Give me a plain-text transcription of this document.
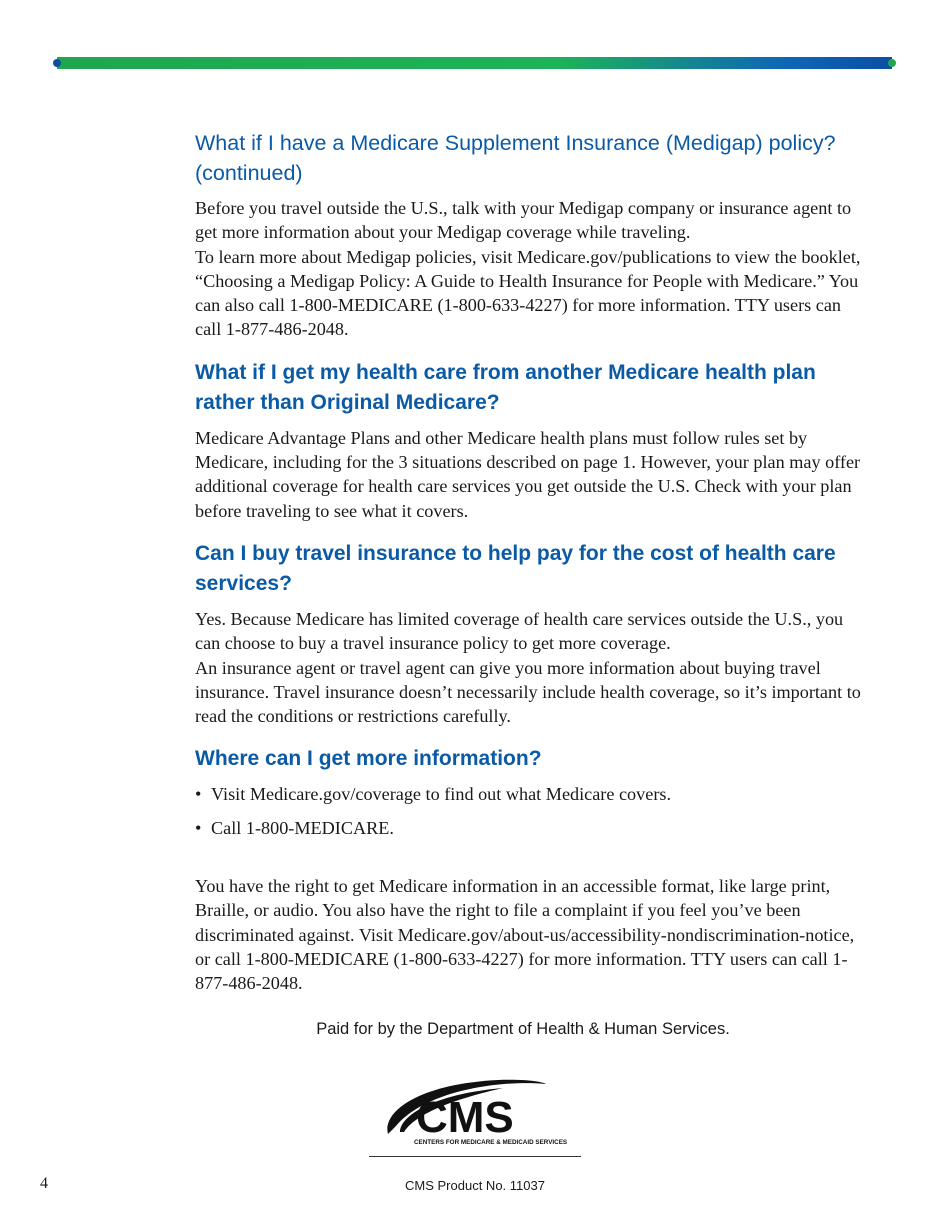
What if I have a Medicare Supplement Insurance (Medigap) policy? (continued)

Before you travel outside the U.S., talk with your Medigap company or insurance agent to get more information about your Medigap coverage while traveling.

To learn more about Medigap policies, visit Medicare.gov/publications to view the booklet, “Choosing a Medigap Policy: A Guide to Health Insurance for People with Medicare.” You can also call 1-800-MEDICARE (1-800-633-4227) for more information. TTY users can call 1-877-486-2048.

What if I get my health care from another Medicare health plan rather than Original Medicare?

Medicare Advantage Plans and other Medicare health plans must follow rules set by Medicare, including for the 3 situations described on page 1. However, your plan may offer additional coverage for health care services you get outside the U.S. Check with your plan before traveling to see what it covers.

Can I buy travel insurance to help pay for the cost of health care services?

Yes. Because Medicare has limited coverage of health care services outside the U.S., you can choose to buy a travel insurance policy to get more coverage.

An insurance agent or travel agent can give you more information about buying travel insurance. Travel insurance doesn’t necessarily include health coverage, so it’s important to read the conditions or restrictions carefully.

Where can I get more information?
• Visit Medicare.gov/coverage to find out what Medicare covers.
• Call 1-800-MEDICARE.

You have the right to get Medicare information in an accessible format, like large print, Braille, or audio. You also have the right to file a complaint if you feel you’ve been discriminated against. Visit Medicare.gov/about-us/accessibility-nondiscrimination-notice, or call 1-800-MEDICARE (1-800-633-4227) for more information. TTY users can call 1-877-486-2048.

Paid for by the Department of Health & Human Services.
CMS
CENTERS FOR MEDICARE & MEDICAID SERVICES
CMS Product No. 11037
4
